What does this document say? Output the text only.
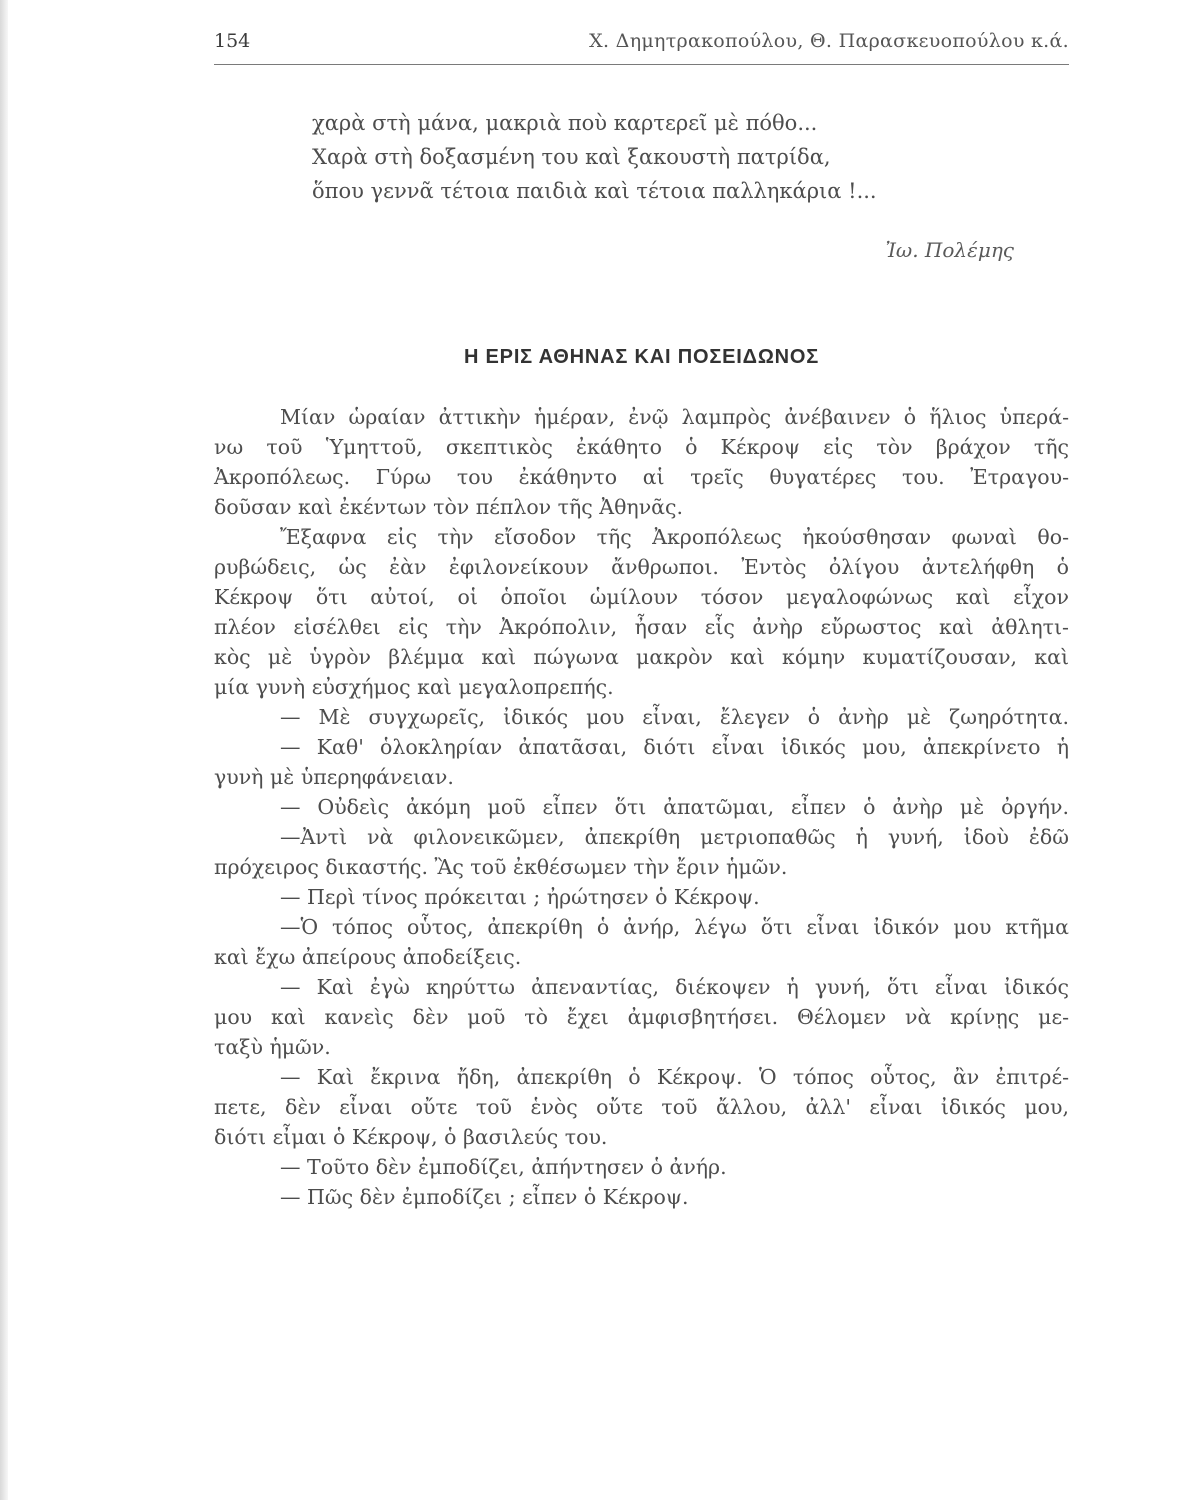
154	Χ. Δημητρακοπούλου, Θ. Παρασκευοπούλου κ.ά.
χαρὰ στὴ μάνα, μακριὰ ποὺ καρτερεῖ μὲ πόθο...
Χαρὰ στὴ δοξασμένη του καὶ ξακουστὴ πατρίδα,
ὅπου γεννᾶ τέτοια παιδιὰ καὶ τέτοια παλληκάρια !...
Ἰω. Πολέμης
Η ΕΡΙΣ ΑΘΗΝΑΣ ΚΑΙ ΠΟΣΕΙΔΩΝΟΣ
Μίαν ὡραίαν ἀττικὴν ἡμέραν, ἐνῷ λαμπρὸς ἀνέβαινεν ὁ ἥλιος ὑπερά-
νω τοῦ Ὑμηττοῦ, σκεπτικὸς ἐκάθητο ὁ Κέκροψ εἰς τὸν βράχον τῆς
Ἀκροπόλεως. Γύρω του ἐκάθηντο αἱ τρεῖς θυγατέρες του. Ἐτραγου-
δοῦσαν καὶ ἐκέντων τὸν πέπλον τῆς Ἀθηνᾶς.
Ἔξαφνα εἰς τὴν εἴσοδον τῆς Ἀκροπόλεως ἠκούσθησαν φωναὶ θο-
ρυβώδεις, ὡς ἐὰν ἐφιλονείκουν ἄνθρωποι. Ἐντὸς ὀλίγου ἀντελήφθη ὁ
Κέκροψ ὅτι αὐτοί, οἱ ὁποῖοι ὡμίλουν τόσον μεγαλοφώνως καὶ εἶχον
πλέον εἰσέλθει εἰς τὴν Ἀκρόπολιν, ἦσαν εἷς ἀνὴρ εὔρωστος καὶ ἀθλητι-
κὸς μὲ ὑγρὸν βλέμμα καὶ πώγωνα μακρὸν καὶ κόμην κυματίζουσαν, καὶ
μία γυνὴ εὐσχήμος καὶ μεγαλοπρεπής.
— Μὲ συγχωρεῖς, ἰδικός μου εἶναι, ἔλεγεν ὁ ἀνὴρ μὲ ζωηρότητα.
— Καθ' ὁλοκληρίαν ἀπατᾶσαι, διότι εἶναι ἰδικός μου, ἀπεκρίνετο ἡ
γυνὴ μὲ ὑπερηφάνειαν.
— Οὐδεὶς ἀκόμη μοῦ εἶπεν ὅτι ἀπατῶμαι, εἶπεν ὁ ἀνὴρ μὲ ὀργήν.
—Ἀντὶ νὰ φιλονεικῶμεν, ἀπεκρίθη μετριοπαθῶς ἡ γυνή, ἰδοὺ ἐδῶ
πρόχειρος δικαστής. Ἂς τοῦ ἐκθέσωμεν τὴν ἔριν ἡμῶν.
— Περὶ τίνος πρόκειται ; ἠρώτησεν ὁ Κέκροψ.
—Ὁ τόπος οὗτος, ἀπεκρίθη ὁ ἀνήρ, λέγω ὅτι εἶναι ἰδικόν μου κτῆμα
καὶ ἔχω ἀπείρους ἀποδείξεις.
— Καὶ ἐγὼ κηρύττω ἀπεναντίας, διέκοψεν ἡ γυνή, ὅτι εἶναι ἰδικός
μου καὶ κανεὶς δὲν μοῦ τὸ ἔχει ἀμφισβητήσει. Θέλομεν νὰ κρίνῃς με-
ταξὺ ἡμῶν.
— Καὶ ἔκρινα ἤδη, ἀπεκρίθη ὁ Κέκροψ. Ὁ τόπος οὗτος, ἂν ἐπιτρέ-
πετε, δὲν εἶναι οὔτε τοῦ ἑνὸς οὔτε τοῦ ἄλλου, ἀλλ' εἶναι ἰδικός μου,
διότι εἶμαι ὁ Κέκροψ, ὁ βασιλεύς του.
— Τοῦτο δὲν ἐμποδίζει, ἀπήντησεν ὁ ἀνήρ.
— Πῶς δὲν ἐμποδίζει ; εἶπεν ὁ Κέκροψ.
